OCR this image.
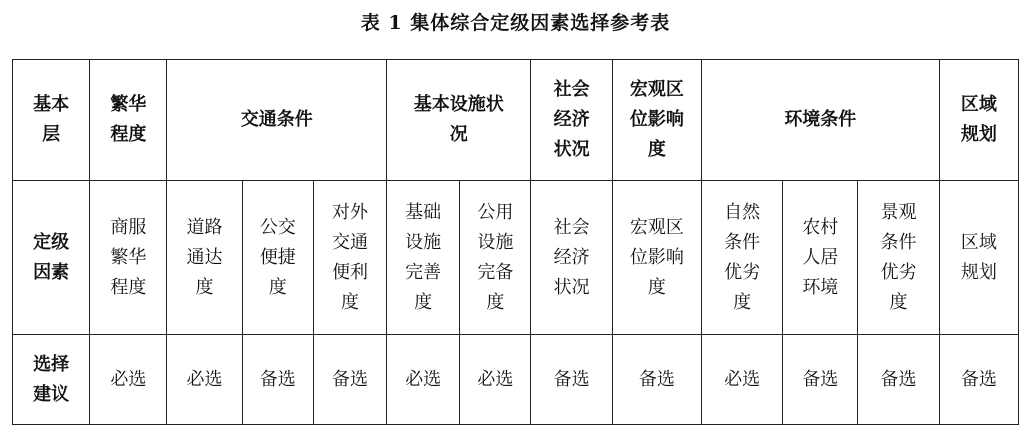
表 1 集体综合定级因素选择参考表
基本
层	繁华
程度	交通条件			基本设施状
况		社会
经济
状况	宏观区
位影响
度	环境条件			区域
规划
定级
因素	商服
繁华
程度	道路
通达
度	公交
便捷
度	对外
交通
便利
度	基础
设施
完善
度	公用
设施
完备
度	社会
经济
状况	宏观区
位影响
度	自然
条件
优劣
度	农村
人居
环境	景观
条件
优劣
度	区域
规划
选择
建议	必选	必选	备选	备选	必选	必选	备选	备选	必选	备选	备选	备选
